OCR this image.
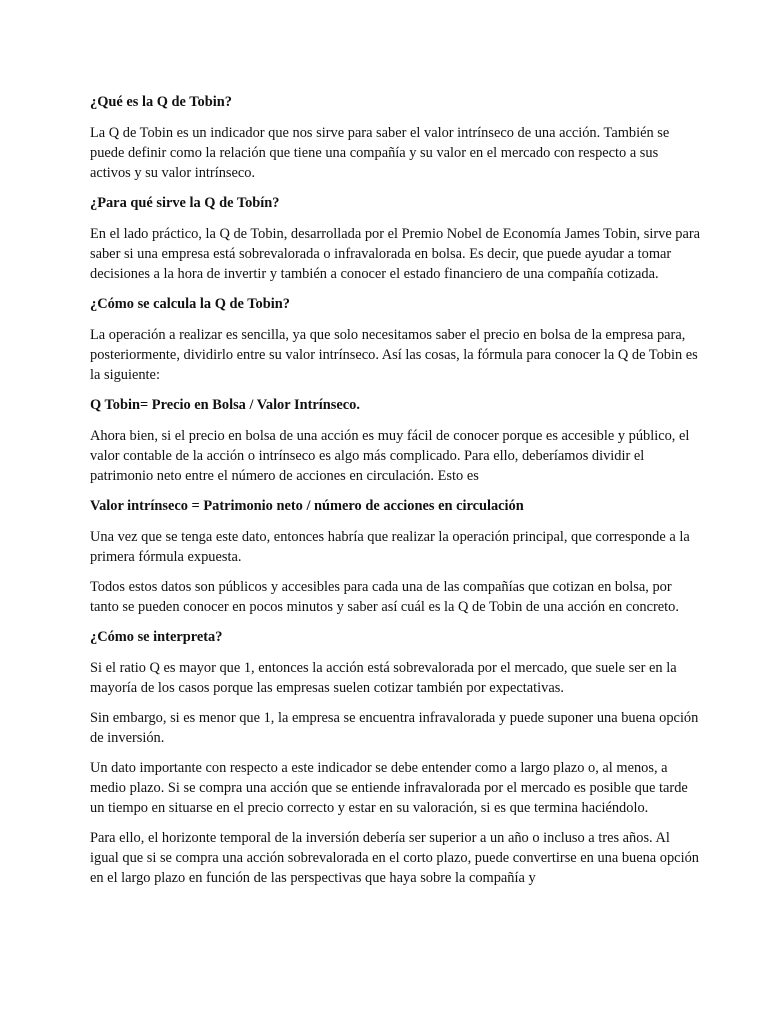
¿Qué es la Q de Tobin?
La Q de Tobin es un indicador que nos sirve para saber el valor intrínseco de una acción. También se puede definir como la relación que tiene una compañía y su valor en el mercado con respecto a sus activos y su valor intrínseco.
¿Para qué sirve la Q de Tobín?
En el lado práctico, la Q de Tobin, desarrollada por el Premio Nobel de Economía James Tobin, sirve para saber si una empresa está sobrevalorada o infravalorada en bolsa. Es decir, que puede ayudar a tomar decisiones a la hora de invertir y también a conocer el estado financiero de una compañía cotizada.
¿Cómo se calcula la Q de Tobin?
La operación a realizar es sencilla, ya que solo necesitamos saber el precio en bolsa de la empresa para, posteriormente, dividirlo entre su valor intrínseco. Así las cosas, la fórmula para conocer la Q de Tobin es la siguiente:
Q Tobin= Precio en Bolsa / Valor Intrínseco.
Ahora bien, si el precio en bolsa de una acción es muy fácil de conocer porque es accesible y público, el valor contable de la acción o intrínseco es algo más complicado. Para ello, deberíamos dividir el patrimonio neto entre el número de acciones en circulación. Esto es
Valor intrínseco = Patrimonio neto / número de acciones en circulación
Una vez que se tenga este dato, entonces habría que realizar la operación principal, que corresponde a la primera fórmula expuesta.
Todos estos datos son públicos y accesibles para cada una de las compañías que cotizan en bolsa, por tanto se pueden conocer en pocos minutos y saber así cuál es la Q de Tobin de una acción en concreto.
¿Cómo se interpreta?
Si el ratio Q es mayor que 1, entonces la acción está sobrevalorada por el mercado, que suele ser en la mayoría de los casos porque las empresas suelen cotizar también por expectativas.
Sin embargo, si es menor que 1, la empresa se encuentra infravalorada y puede suponer una buena opción de inversión.
Un dato importante con respecto a este indicador se debe entender como a largo plazo o, al menos, a medio plazo. Si se compra una acción que se entiende infravalorada por el mercado es posible que tarde un tiempo en situarse en el precio correcto y estar en su valoración, si es que termina haciéndolo.
Para ello, el horizonte temporal de la inversión debería ser superior a un año o incluso a tres años. Al igual que si se compra una acción sobrevalorada en el corto plazo, puede convertirse en una buena opción en el largo plazo en función de las perspectivas que haya sobre la compañía y
